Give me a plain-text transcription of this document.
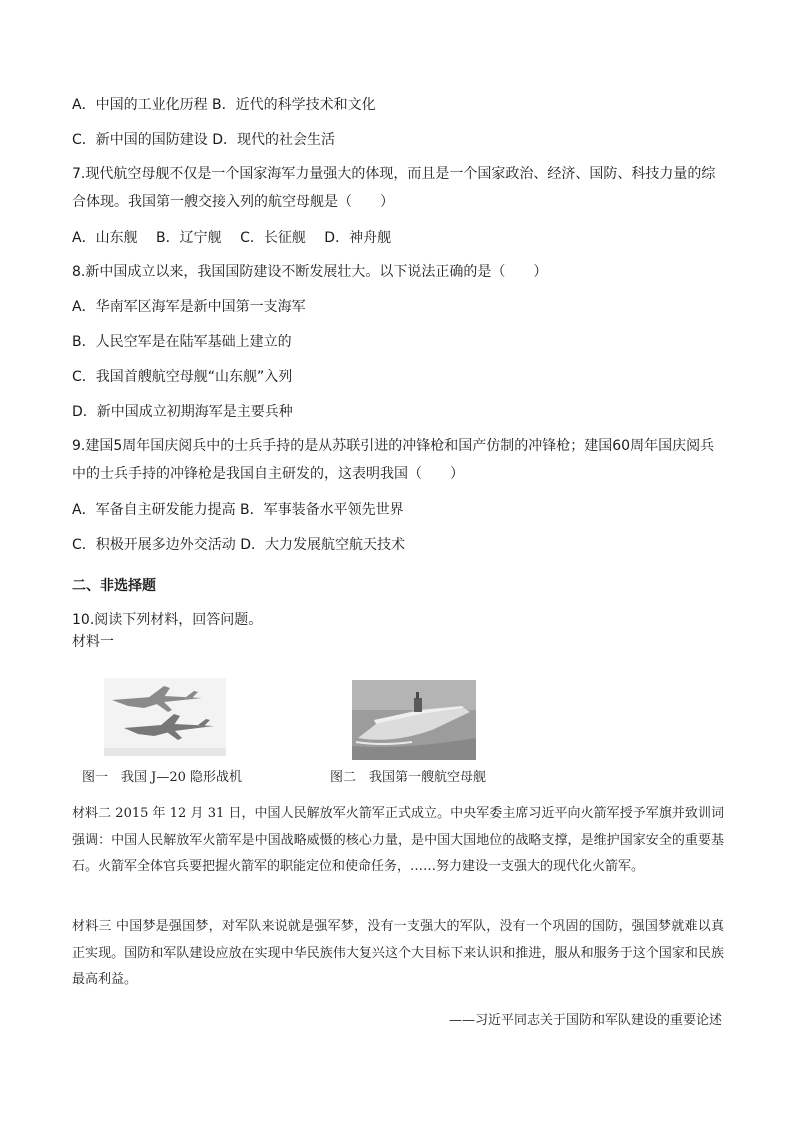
A．中国的工业化历程 B．近代的科学技术和文化
C．新中国的国防建设 D．现代的社会生活
7.现代航空母舰不仅是一个国家海军力量强大的体现，而且是一个国家政治、经济、国防、科技力量的综合体现。我国第一艘交接入列的航空母舰是（　　）
A．山东舰　 B．辽宁舰　 C．长征舰　 D．神舟舰
8.新中国成立以来，我国国防建设不断发展壮大。以下说法正确的是（　　）
A．华南军区海军是新中国第一支海军
B．人民空军是在陆军基础上建立的
C．我国首艘航空母舰“山东舰”入列
D．新中国成立初期海军是主要兵种
9.建国5周年国庆阅兵中的士兵手持的是从苏联引进的冲锋枪和国产仿制的冲锋枪；建国60周年国庆阅兵中的士兵手持的冲锋枪是我国自主研发的，这表明我国（　　）
A．军备自主研发能力提高 B．军事装备水平领先世界
C．积极开展多边外交活动 D．大力发展航空航天技术
二、非选择题
10.阅读下列材料，回答问题。
材料一
图一　我国 J—20 隐形战机	图二　我国第一艘航空母舰
材料二 2015 年 12 月 31 日，中国人民解放军火箭军正式成立。中央军委主席习近平向火箭军授予军旗并致训词强调：中国人民解放军火箭军是中国战略威慑的核心力量，是中国大国地位的战略支撑，是维护国家安全的重要基石。火箭军全体官兵要把握火箭军的职能定位和使命任务，……努力建设一支强大的现代化火箭军。
材料三 中国梦是强国梦，对军队来说就是强军梦，没有一支强大的军队，没有一个巩固的国防，强国梦就难以真正实现。国防和军队建设应放在实现中华民族伟大复兴这个大目标下来认识和推进，服从和服务于这个国家和民族最高利益。
——习近平同志关于国防和军队建设的重要论述
